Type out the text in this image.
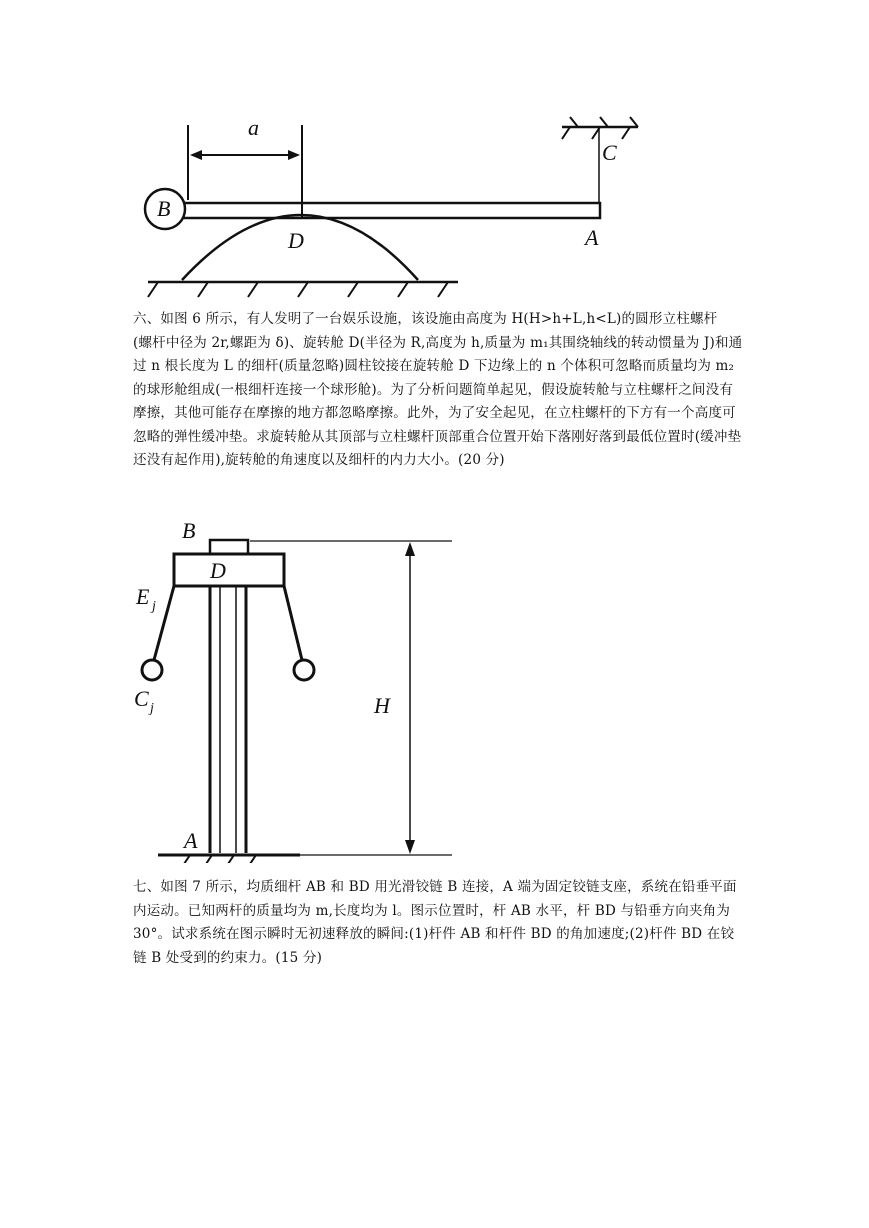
a
C
B
D	A

六、如图 6 所示，有人发明了一台娱乐设施，该设施由高度为 H(H>h+L,h<L)的圆形立柱螺杆

(螺杆中径为 2r,螺距为 δ)、旋转舱 D(半径为 R,高度为 h,质量为 m₁其围绕轴线的转动惯量为 J)和通过 n 根长度为 L 的细杆(质量忽略)圆柱铰接在旋转舱 D 下边缘上的 n 个体积可忽略而质量均为 m₂的球形舱组成(一根细杆连接一个球形舱)。为了分析问题简单起见，假设旋转舱与立柱螺杆之间没有摩擦，其他可能存在摩擦的地方都忽略摩擦。此外，为了安全起见，在立柱螺杆的下方有一个高度可忽略的弹性缓冲垫。求旋转舱从其顶部与立柱螺杆顶部重合位置开始下落刚好落到最低位置时(缓冲垫还没有起作用),旋转舱的角速度以及细杆的内力大小。(20 分)

B
D
E j
C j	H
A

七、如图 7 所示，均质细杆 AB 和 BD 用光滑铰链 B 连接，A 端为固定铰链支座，系统在铅垂平面内运动。已知两杆的质量均为 m,长度均为 l。图示位置时，杆 AB 水平，杆 BD 与铅垂方向夹角为 30°。试求系统在图示瞬时无初速释放的瞬间:(1)杆件 AB 和杆件 BD 的角加速度;(2)杆件 BD 在铰链 B 处受到的约束力。(15 分)
